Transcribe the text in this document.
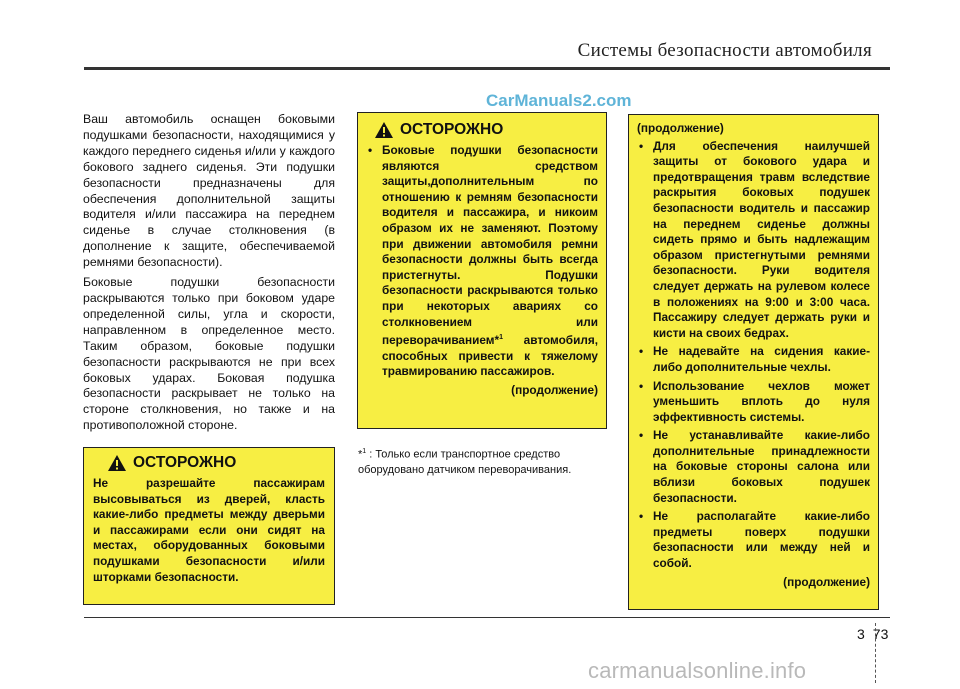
Системы безопасности автомобиля
CarManuals2.com

Ваш автомобиль оснащен боковыми подушками безопасности, находящимися у каждого переднего сиденья и/или у каждого бокового заднего сиденья. Эти подушки безопасности предназначены для обеспечения дополнительной защиты водителя и/или пассажира на переднем сиденье в случае столкновения (в дополнение к защите, обеспечиваемой ремнями безопасности).

Боковые подушки безопасности раскрываются только при боковом ударе определенной силы, угла и скорости, направленном в определенное место. Таким образом, боковые подушки безопасности раскрываются не при всех боковых ударах. Боковая подушка безопасности раскрывает не только на стороне столкновения, но также и на противоположной стороне.

ОСТОРОЖНО
Не разрешайте пассажирам высовываться из дверей, класть какие-либо предметы между дверьми и пассажирами если они сидят на местах, оборудованных боковыми подушками безопасности и/или шторками безопасности.
ОСТОРОЖНО
• Боковые подушки безопасности являются средством защиты,дополнительным по отношению к ремням безопасности водителя и пассажира, и никоим образом их не заменяют. Поэтому при движении автомобиля ремни безопасности должны быть всегда пристегнуты. Подушки безопасности раскрываются только при некоторых авариях со столкновением или переворачиванием*$^1$ автомобиля, способных привести к тяжелому травмированию пассажиров.
(продолжение)
*$^1$ : Только если транспортное средство оборудовано датчиком переворачивания.
(продолжение)
• Для обеспечения наилучшей защиты от бокового удара и предотвращения травм вследствие раскрытия боковых подушек безопасности водитель и пассажир на переднем сиденье должны сидеть прямо и быть надлежащим образом пристегнутыми ремнями безопасности. Руки водителя следует держать на рулевом колесе в положениях на 9:00 и 3:00 часа. Пассажиру следует держать руки и кисти на своих бедрах.
• Не надевайте на сидения какие-либо дополнительные чехлы.
• Использование чехлов может уменьшить вплоть до нуля эффективность системы.
• Не устанавливайте какие-либо дополнительные принадлежности на боковые стороны салона или вблизи боковых подушек безопасности.
• Не располагайте какие-либо предметы поверх подушки безопасности или между ней и собой.
(продолжение)
3 73
carmanualsonline.info
